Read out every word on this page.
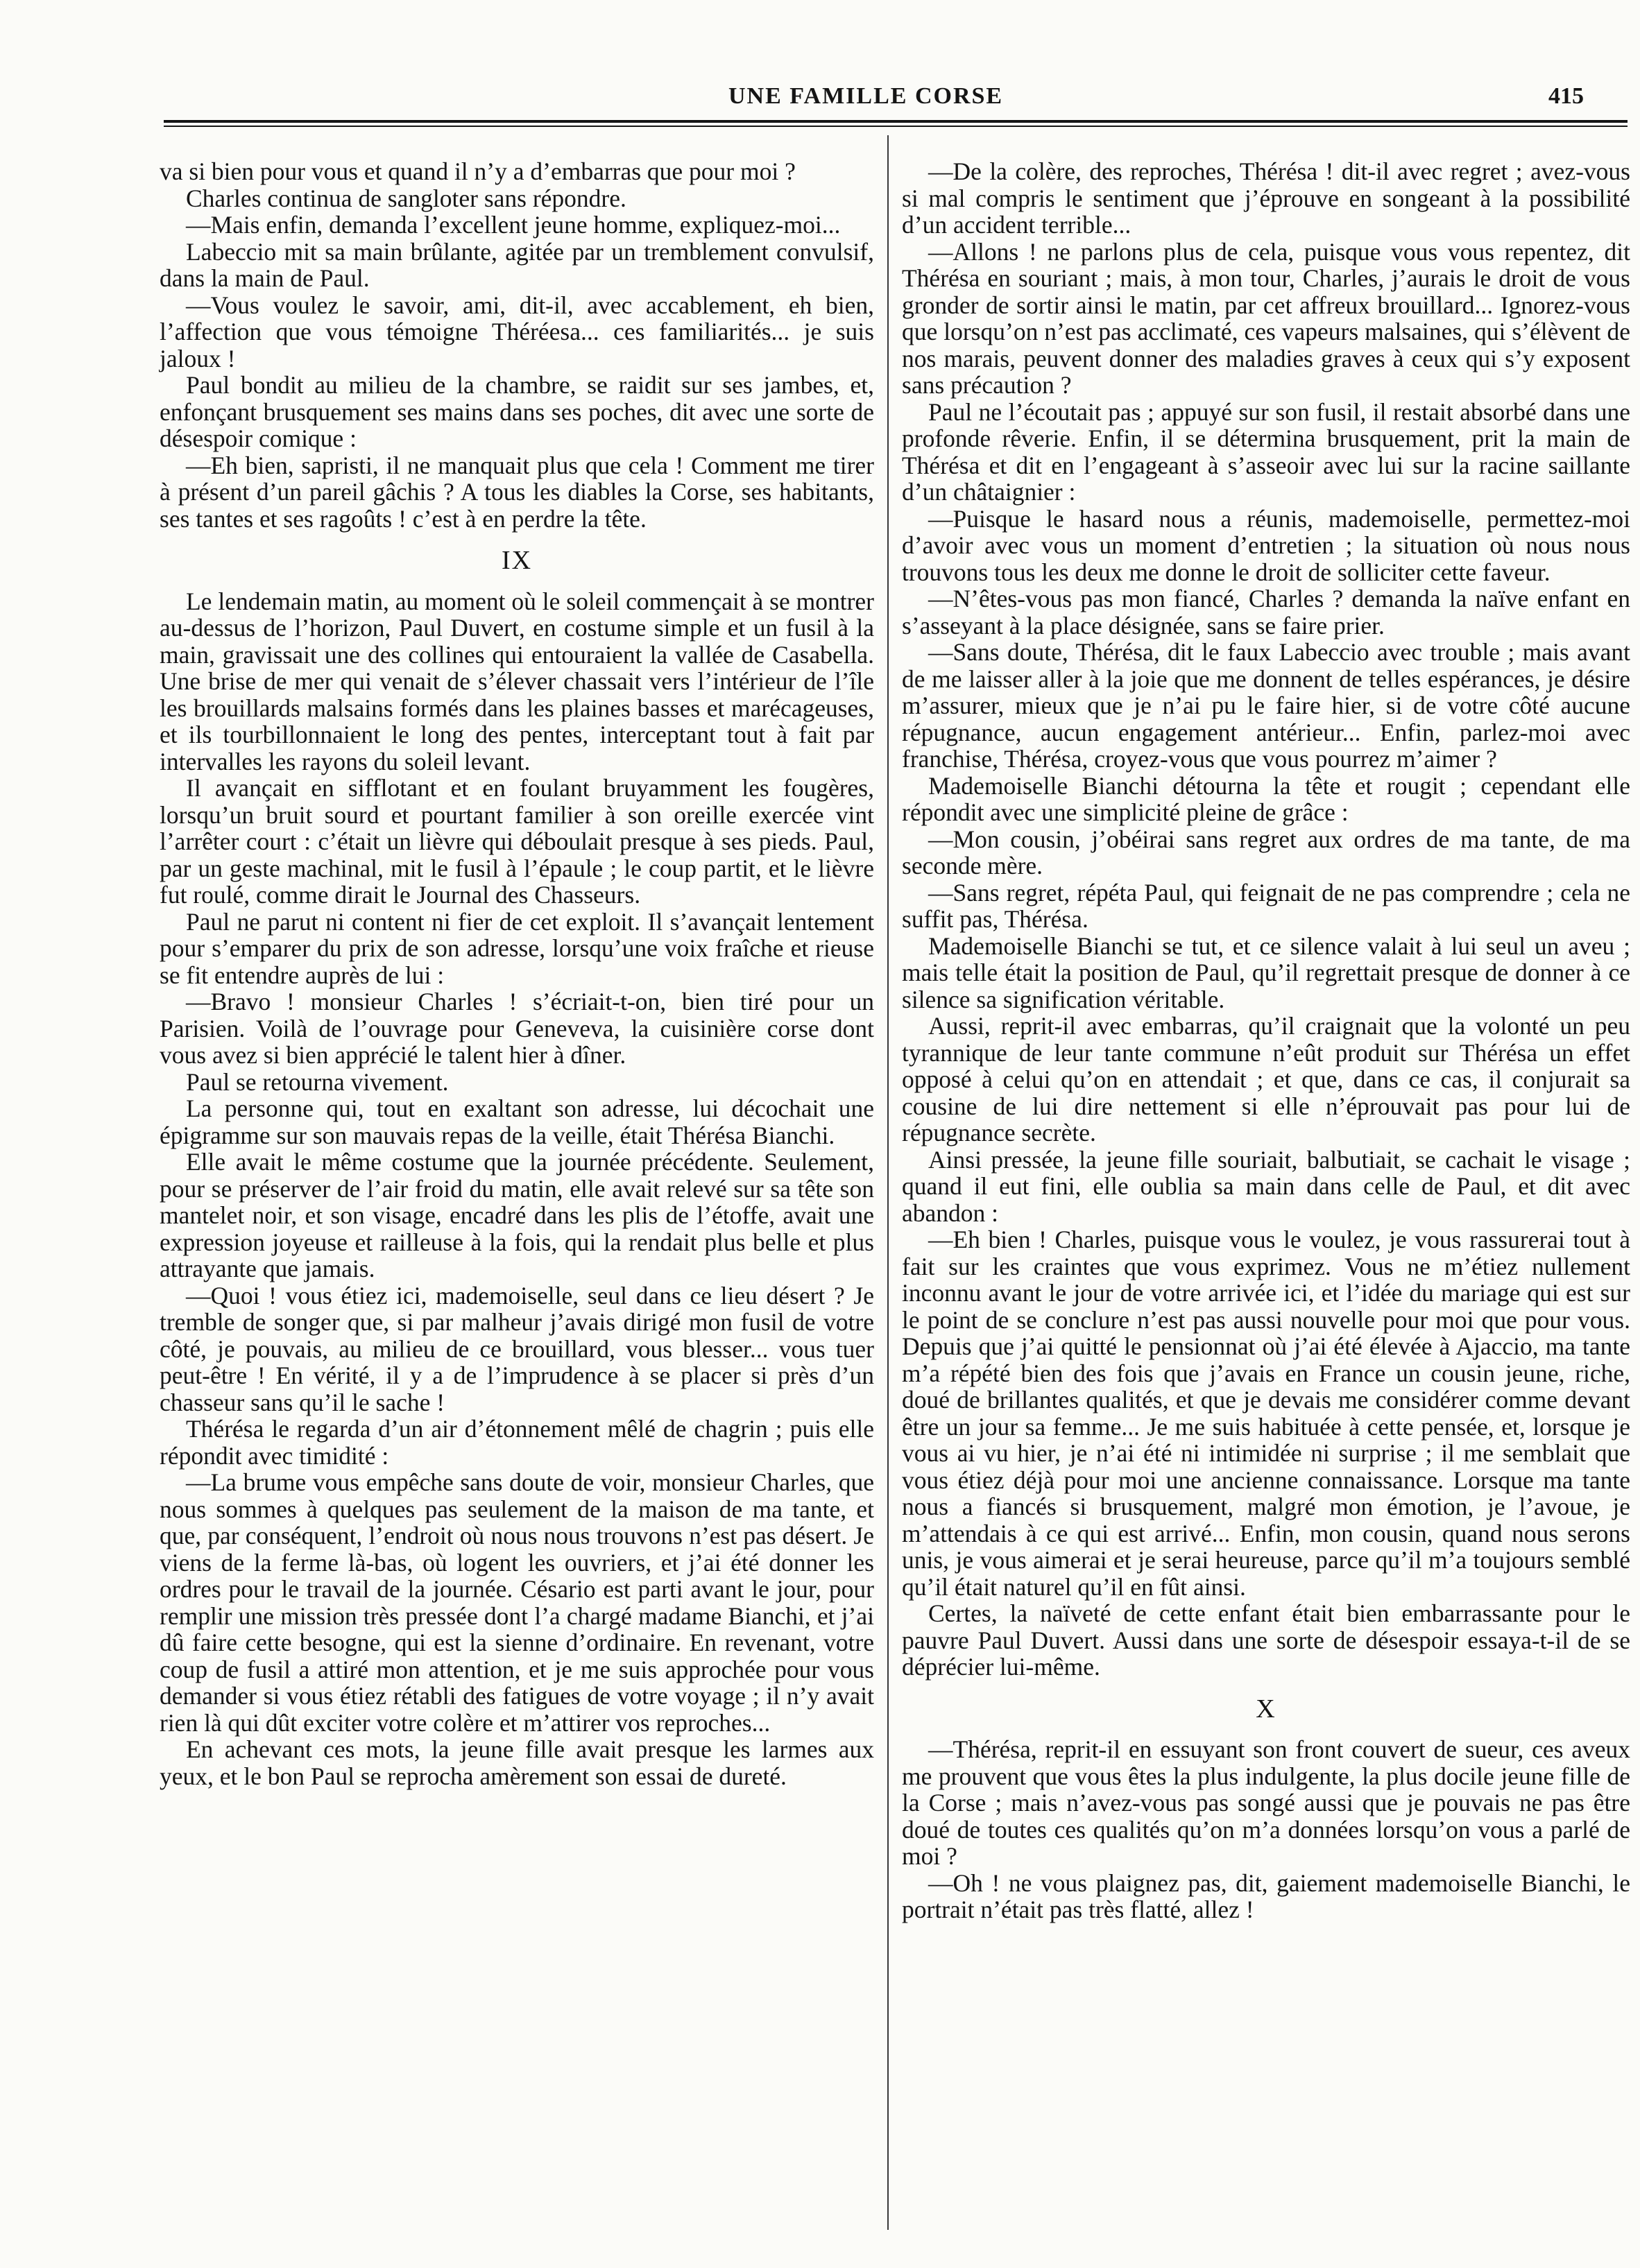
UNE FAMILLE CORSE	415

va si bien pour vous et quand il n’y a d’embarras que pour moi ?

Charles continua de sangloter sans répondre.

—Mais enfin, demanda l’excellent jeune homme, expliquez-moi...

Labeccio mit sa main brûlante, agitée par un tremblement convulsif, dans la main de Paul.

—Vous voulez le savoir, ami, dit-il, avec accablement, eh bien, l’affection que vous témoigne Théréesa... ces familiarités... je suis jaloux !

Paul bondit au milieu de la chambre, se raidit sur ses jambes, et, enfonçant brusquement ses mains dans ses poches, dit avec une sorte de désespoir comique :

—Eh bien, sapristi, il ne manquait plus que cela ! Comment me tirer à présent d’un pareil gâchis ? A tous les diables la Corse, ses habitants, ses tantes et ses ragoûts ! c’est à en perdre la tête.

IX

Le lendemain matin, au moment où le soleil commençait à se montrer au-dessus de l’horizon, Paul Duvert, en costume simple et un fusil à la main, gravissait une des collines qui entouraient la vallée de Casabella. Une brise de mer qui venait de s’élever chassait vers l’intérieur de l’île les brouillards malsains formés dans les plaines basses et marécageuses, et ils tourbillonnaient le long des pentes, interceptant tout à fait par intervalles les rayons du soleil levant.

Il avançait en sifflotant et en foulant bruyamment les fougères, lorsqu’un bruit sourd et pourtant familier à son oreille exercée vint l’arrêter court : c’était un lièvre qui déboulait presque à ses pieds. Paul, par un geste machinal, mit le fusil à l’épaule ; le coup partit, et le lièvre fut roulé, comme dirait le Journal des Chasseurs.

Paul ne parut ni content ni fier de cet exploit. Il s’avançait lentement pour s’emparer du prix de son adresse, lorsqu’une voix fraîche et rieuse se fit entendre auprès de lui :

—Bravo ! monsieur Charles ! s’écriait-t-on, bien tiré pour un Parisien. Voilà de l’ouvrage pour Geneveva, la cuisinière corse dont vous avez si bien apprécié le talent hier à dîner.

Paul se retourna vivement.

La personne qui, tout en exaltant son adresse, lui décochait une épigramme sur son mauvais repas de la veille, était Thérésa Bianchi.

Elle avait le même costume que la journée précédente. Seulement, pour se préserver de l’air froid du matin, elle avait relevé sur sa tête son mantelet noir, et son visage, encadré dans les plis de l’étoffe, avait une expression joyeuse et railleuse à la fois, qui la rendait plus belle et plus attrayante que jamais.

—Quoi ! vous étiez ici, mademoiselle, seul dans ce lieu désert ? Je tremble de songer que, si par malheur j’avais dirigé mon fusil de votre côté, je pouvais, au milieu de ce brouillard, vous blesser... vous tuer peut-être ! En vérité, il y a de l’imprudence à se placer si près d’un chasseur sans qu’il le sache !

Thérésa le regarda d’un air d’étonnement mêlé de chagrin ; puis elle répondit avec timidité :

—La brume vous empêche sans doute de voir, monsieur Charles, que nous sommes à quelques pas seulement de la maison de ma tante, et que, par conséquent, l’endroit où nous nous trouvons n’est pas désert. Je viens de la ferme là-bas, où logent les ouvriers, et j’ai été donner les ordres pour le travail de la journée. Césario est parti avant le jour, pour remplir une mission très pressée dont l’a chargé madame Bianchi, et j’ai dû faire cette besogne, qui est la sienne d’ordinaire. En revenant, votre coup de fusil a attiré mon attention, et je me suis approchée pour vous demander si vous étiez rétabli des fatigues de votre voyage ; il n’y avait rien là qui dût exciter votre colère et m’attirer vos reproches...

En achevant ces mots, la jeune fille avait presque les larmes aux yeux, et le bon Paul se reprocha amèrement son essai de dureté.

—De la colère, des reproches, Thérésa ! dit-il avec regret ; avez-vous si mal compris le sentiment que j’éprouve en songeant à la possibilité d’un accident terrible...

—Allons ! ne parlons plus de cela, puisque vous vous repentez, dit Thérésa en souriant ; mais, à mon tour, Charles, j’aurais le droit de vous gronder de sortir ainsi le matin, par cet affreux brouillard... Ignorez-vous que lorsqu’on n’est pas acclimaté, ces vapeurs malsaines, qui s’élèvent de nos marais, peuvent donner des maladies graves à ceux qui s’y exposent sans précaution ?

Paul ne l’écoutait pas ; appuyé sur son fusil, il restait absorbé dans une profonde rêverie. Enfin, il se détermina brusquement, prit la main de Thérésa et dit en l’engageant à s’asseoir avec lui sur la racine saillante d’un châtaignier :

—Puisque le hasard nous a réunis, mademoiselle, permettez-moi d’avoir avec vous un moment d’entretien ; la situation où nous nous trouvons tous les deux me donne le droit de solliciter cette faveur.

—N’êtes-vous pas mon fiancé, Charles ? demanda la naïve enfant en s’asseyant à la place désignée, sans se faire prier.

—Sans doute, Thérésa, dit le faux Labeccio avec trouble ; mais avant de me laisser aller à la joie que me donnent de telles espérances, je désire m’assurer, mieux que je n’ai pu le faire hier, si de votre côté aucune répugnance, aucun engagement antérieur... Enfin, parlez-moi avec franchise, Thérésa, croyez-vous que vous pourrez m’aimer ?

Mademoiselle Bianchi détourna la tête et rougit ; cependant elle répondit avec une simplicité pleine de grâce :

—Mon cousin, j’obéirai sans regret aux ordres de ma tante, de ma seconde mère.

—Sans regret, répéta Paul, qui feignait de ne pas comprendre ; cela ne suffit pas, Thérésa.

Mademoiselle Bianchi se tut, et ce silence valait à lui seul un aveu ; mais telle était la position de Paul, qu’il regrettait presque de donner à ce silence sa signification véritable.

Aussi, reprit-il avec embarras, qu’il craignait que la volonté un peu tyrannique de leur tante commune n’eût produit sur Thérésa un effet opposé à celui qu’on en attendait ; et que, dans ce cas, il conjurait sa cousine de lui dire nettement si elle n’éprouvait pas pour lui de répugnance secrète.

Ainsi pressée, la jeune fille souriait, balbutiait, se cachait le visage ; quand il eut fini, elle oublia sa main dans celle de Paul, et dit avec abandon :

—Eh bien ! Charles, puisque vous le voulez, je vous rassurerai tout à fait sur les craintes que vous exprimez. Vous ne m’étiez nullement inconnu avant le jour de votre arrivée ici, et l’idée du mariage qui est sur le point de se conclure n’est pas aussi nouvelle pour moi que pour vous. Depuis que j’ai quitté le pensionnat où j’ai été élevée à Ajaccio, ma tante m’a répété bien des fois que j’avais en France un cousin jeune, riche, doué de brillantes qualités, et que je devais me considérer comme devant être un jour sa femme... Je me suis habituée à cette pensée, et, lorsque je vous ai vu hier, je n’ai été ni intimidée ni surprise ; il me semblait que vous étiez déjà pour moi une ancienne connaissance. Lorsque ma tante nous a fiancés si brusquement, malgré mon émotion, je l’avoue, je m’attendais à ce qui est arrivé... Enfin, mon cousin, quand nous serons unis, je vous aimerai et je serai heureuse, parce qu’il m’a toujours semblé qu’il était naturel qu’il en fût ainsi.

Certes, la naïveté de cette enfant était bien embarrassante pour le pauvre Paul Duvert. Aussi dans une sorte de désespoir essaya-t-il de se déprécier lui-même.

X

—Thérésa, reprit-il en essuyant son front couvert de sueur, ces aveux me prouvent que vous êtes la plus indulgente, la plus docile jeune fille de la Corse ; mais n’avez-vous pas songé aussi que je pouvais ne pas être doué de toutes ces qualités qu’on m’a données lorsqu’on vous a parlé de moi ?

—Oh ! ne vous plaignez pas, dit, gaiement mademoiselle Bianchi, le portrait n’était pas très flatté, allez !
